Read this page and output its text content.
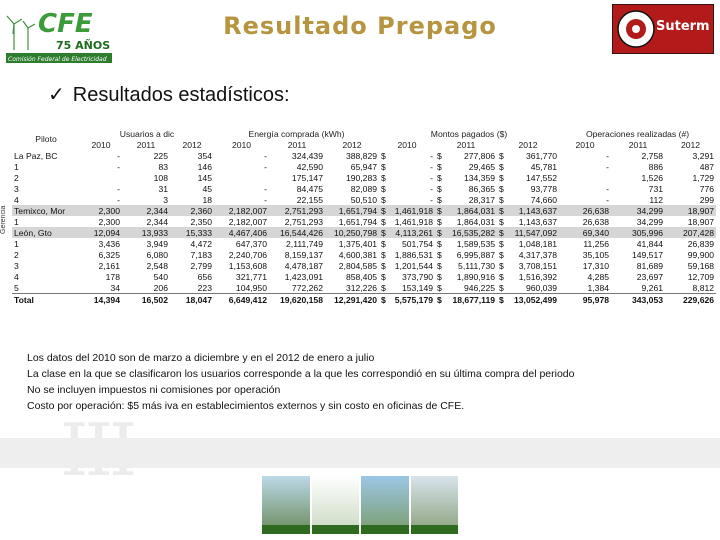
CFE
75 AÑOS
Comisión Federal de Electricidad
Resultado Prepago	Suterm
✓ Resultados estadísticos:
Gerencia
Piloto	Usuarios a dic			Energía comprada (kWh)			Montos pagados ($)						Operaciones realizadas (#)		
	2010	2011	2012	2010	2011	2012	2010		2011		2012		2010	2011	2012
La Paz, BC	-	225	354	-	324,439	388,829	$	-	$	277,806	$	361,770	-	2,758	3,291
1	-	83	146	-	42,590	65,947	$	-	$	29,465	$	45,781	-	886	487
2		108	145		175,147	190,283	$	-	$	134,359	$	147,552		1,526	1,729
3	-	31	45	-	84,475	82,089	$	-	$	86,365	$	93,778	-	731	776
4	-	3	18	-	22,155	50,510	$	-	$	28,317	$	74,660	-	112	299
Temixco, Mor	2,300	2,344	2,360	2,182,007	2,751,293	1,651,794	$	1,461,918	$	1,864,031	$	1,143,637	26,638	34,299	18,907
1	2,300	2,344	2,350	2,182,007	2,751,293	1,651,794	$	1,461,918	$	1,864,031	$	1,143,637	26,638	34,299	18,907
León, Gto	12,094	13,933	15,333	4,467,406	16,544,426	10,250,798	$	4,113,261	$	16,535,282	$	11,547,092	69,340	305,996	207,428
1	3,436	3,949	4,472	647,370	2,111,749	1,375,401	$	501,754	$	1,589,535	$	1,048,181	11,256	41,844	26,839
2	6,325	6,080	7,183	2,240,706	8,159,137	4,600,381	$	1,886,531	$	6,995,887	$	4,317,378	35,105	149,517	99,900
3	2,161	2,548	2,799	1,153,608	4,478,187	2,804,585	$	1,201,544	$	5,111,730	$	3,708,151	17,310	81,689	59,168
4	178	540	656	321,771	1,423,091	858,405	$	373,790	$	1,890,916	$	1,516,392	4,285	23,697	12,709
5	34	206	223	104,950	772,262	312,226	$	153,149	$	946,225	$	960,039	1,384	9,261	8,812
Total	14,394	16,502	18,047	6,649,412	19,620,158	12,291,420	$	5,575,179	$	18,677,119	$	13,052,499	95,978	343,053	229,626
Los datos del 2010 son de marzo a diciembre y en el 2012 de enero a julio
La clase en la que se clasificaron los usuarios corresponde a la que les correspondió en su última compra del periodo
No se incluyen impuestos ni comisiones por operación
Costo por operación: $5 más iva en establecimientos externos y sin costo en oficinas de CFE.
